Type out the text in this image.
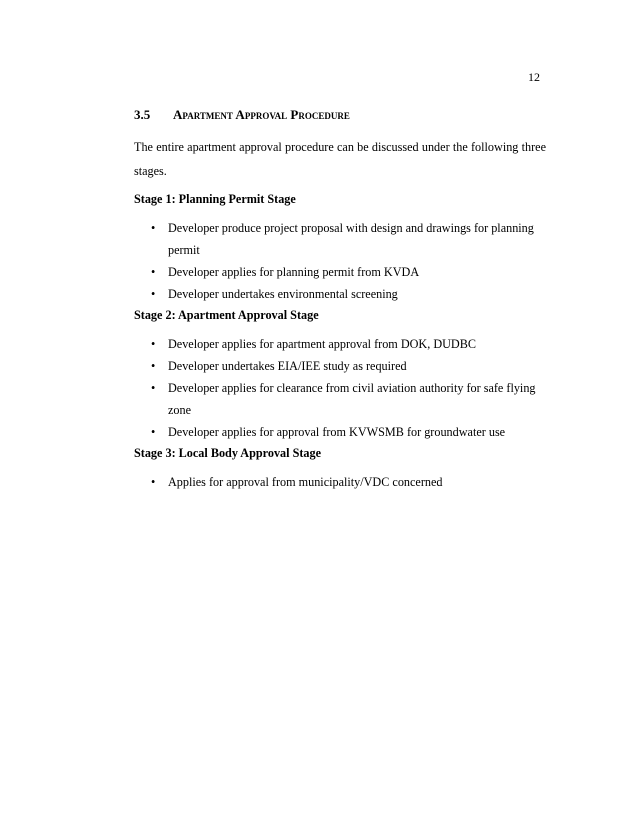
12
3.5	Apartment Approval Procedure

The entire apartment approval procedure can be discussed under the following three stages.

Stage 1: Planning Permit Stage

• Developer produce project proposal with design and drawings for planning permit
• Developer applies for planning permit from KVDA
• Developer undertakes environmental screening

Stage 2: Apartment Approval Stage

• Developer applies for apartment approval from DOK, DUDBC
• Developer undertakes EIA/IEE study as required
• Developer applies for clearance from civil aviation authority for safe flying zone
• Developer applies for approval from KVWSMB for groundwater use

Stage 3: Local Body Approval Stage

• Applies for approval from municipality/VDC concerned
